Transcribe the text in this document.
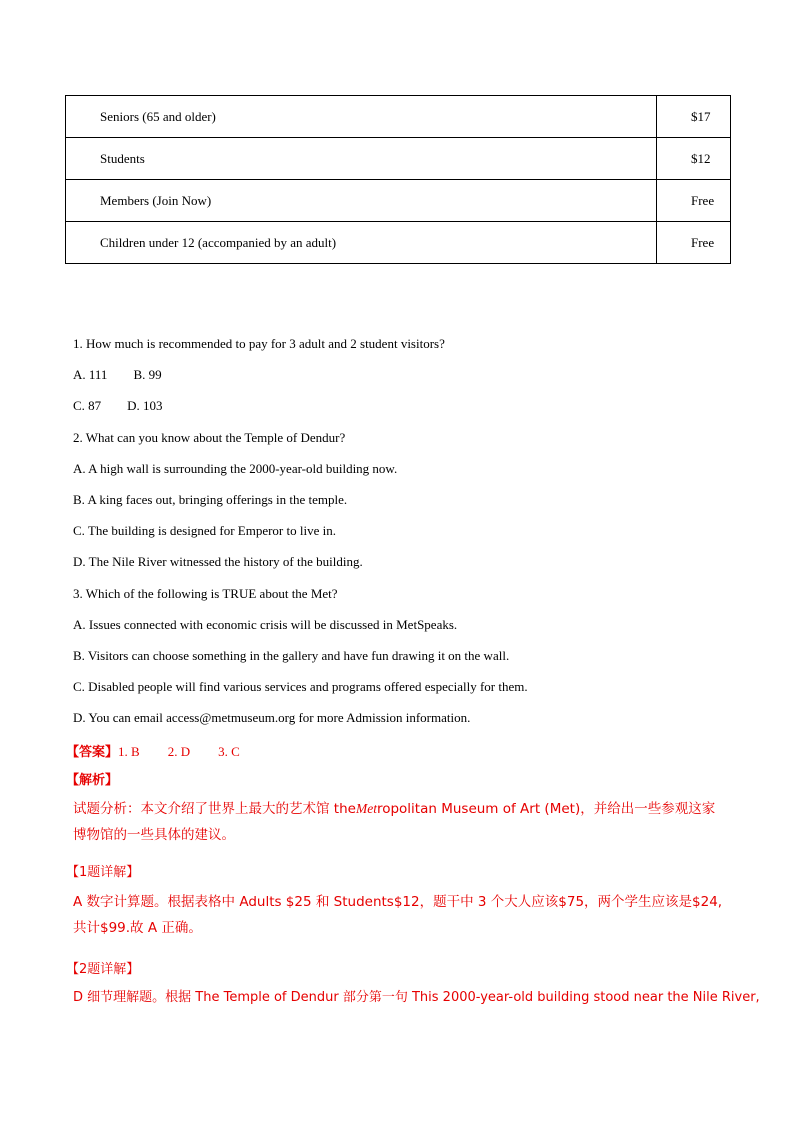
Seniors (65 and older)	$17
Students	$12
Members (Join Now)	Free
Children under 12 (accompanied by an adult)	Free
1. How much is recommended to pay for 3 adult and 2 student visitors?
A. 111 B. 99
C. 87 D. 103
2. What can you know about the Temple of Dendur?
A. A high wall is surrounding the 2000-year-old building now.
B. A king faces out, bringing offerings in the temple.
C. The building is designed for Emperor to live in.
D. The Nile River witnessed the history of the building.
3. Which of the following is TRUE about the Met?
A. Issues connected with economic crisis will be discussed in MetSpeaks.
B. Visitors can choose something in the gallery and have fun drawing it on the wall.
C. Disabled people will find various services and programs offered especially for them.
D. You can email access@metmuseum.org for more Admission information.
【答案】1. B 2. D 3. C
【解析】
试题分析：本文介绍了世界上最大的艺术馆 theMetropolitan Museum of Art (Met)，并给出一些参观这家博物馆的一些具体的建议。
【1题详解】
A 数字计算题。根据表格中 Adults $25 和 Students$12，题干中 3 个大人应该$75，两个学生应该是$24,共计$99.故 A 正确。
【2题详解】
D 细节理解题。根据 The Temple of Dendur 部分第一句 This 2000-year-old building stood near the Nile River,
